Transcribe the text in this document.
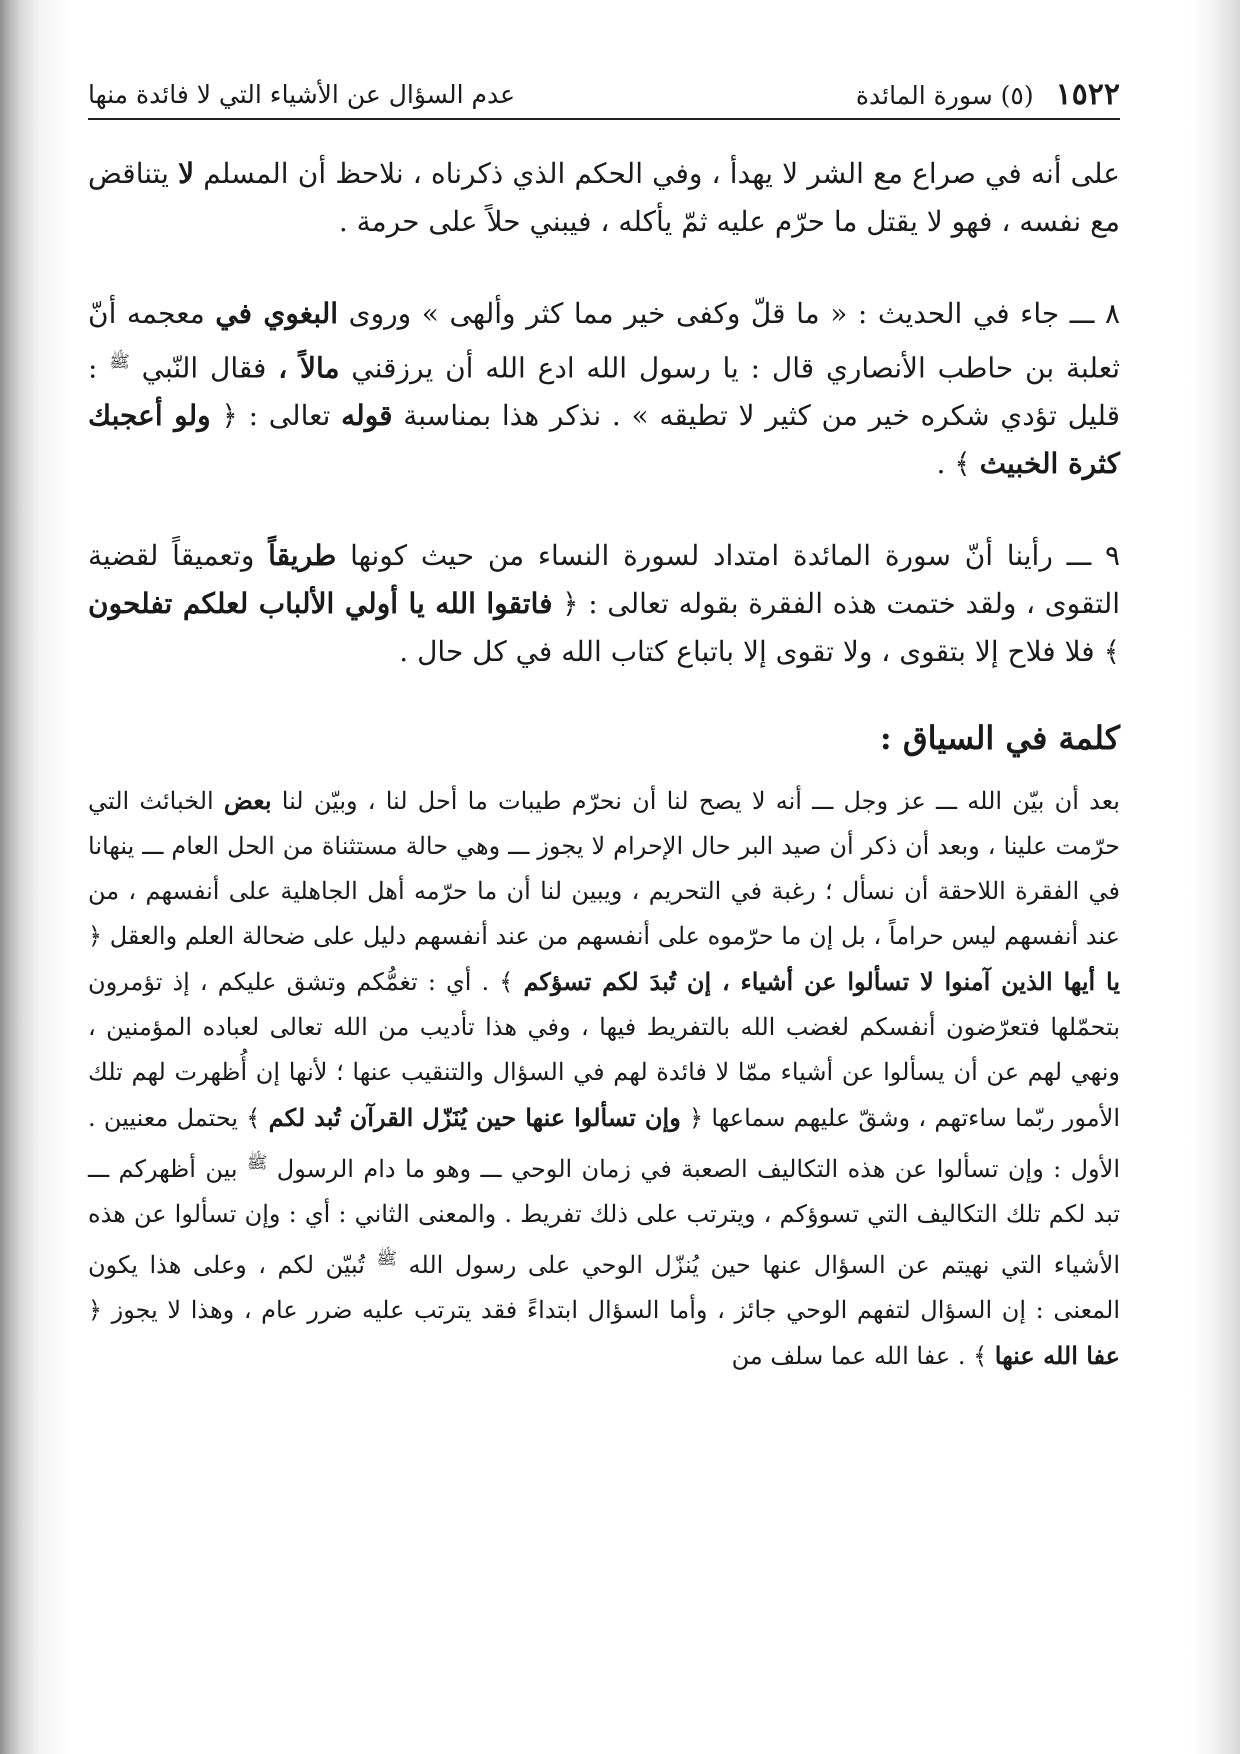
١٥٢٢ (٥) سورة المائدة
عدم السؤال عن الأشياء التي لا فائدة منها

على أنه في صراع مع الشر لا يهدأ ، وفي الحكم الذي ذكرناه ، نلاحظ أن المسلم لا يتناقض مع نفسه ، فهو لا يقتل ما حرّم عليه ثمّ يأكله ، فيبني حلاً على حرمة .

٨ ـــ جاء في الحديث : « ما قلّ وكفى خير مما كثر وألهى » وروى البغوي في معجمه أنّ ثعلبة بن حاطب الأنصاري قال : يا رسول الله ادع الله أن يرزقني مالاً ، فقال النّبي $^ﷺ$ : قليل تؤدي شكره خير من كثير لا تطيقه » . نذكر هذا بمناسبة قوله تعالى : ﴿ ولو أعجبك كثرة الخبيث ﴾ .

٩ ـــ رأينا أنّ سورة المائدة امتداد لسورة النساء من حيث كونها طريقاً وتعميقاً لقضية التقوى ، ولقد ختمت هذه الفقرة بقوله تعالى : ﴿ فاتقوا الله يا أولي الألباب لعلكم تفلحون ﴾ فلا فلاح إلا بتقوى ، ولا تقوى إلا باتباع كتاب الله في كل حال .

كلمة في السياق :

بعد أن بيّن الله ـــ عز وجل ـــ أنه لا يصح لنا أن نحرّم طيبات ما أحل لنا ، وبيّن لنا بعض الخبائث التي حرّمت علينا ، وبعد أن ذكر أن صيد البر حال الإحرام لا يجوز ـــ وهي حالة مستثناة من الحل العام ـــ ينهانا في الفقرة اللاحقة أن نسأل ؛ رغبة في التحريم ، ويبين لنا أن ما حرّمه أهل الجاهلية على أنفسهم ، من عند أنفسهم ليس حراماً ، بل إن ما حرّموه على أنفسهم من عند أنفسهم دليل على ضحالة العلم والعقل ﴿ يا أيها الذين آمنوا لا تسألوا عن أشياء ، إن تُبدَ لكم تسؤكم ﴾ . أي : تغمُّكم وتشق عليكم ، إذ تؤمرون بتحمّلها فتعرّضون أنفسكم لغضب الله بالتفريط فيها ، وفي هذا تأديب من الله تعالى لعباده المؤمنين ، ونهي لهم عن أن يسألوا عن أشياء ممّا لا فائدة لهم في السؤال والتنقيب عنها ؛ لأنها إن أُظهرت لهم تلك الأمور ربّما ساءتهم ، وشقّ عليهم سماعها ﴿ وإن تسألوا عنها حين يُنَزّل القرآن تُبد لكم ﴾ يحتمل معنيين . الأول : وإن تسألوا عن هذه التكاليف الصعبة في زمان الوحي ـــ وهو ما دام الرسول $^ﷺ$ بين أظهركم ـــ تبد لكم تلك التكاليف التي تسوؤكم ، ويترتب على ذلك تفريط . والمعنى الثاني : أي : وإن تسألوا عن هذه الأشياء التي نهيتم عن السؤال عنها حين يُنزّل الوحي على رسول الله $^ﷺ$ تُبيّن لكم ، وعلى هذا يكون المعنى : إن السؤال لتفهم الوحي جائز ، وأما السؤال ابتداءً فقد يترتب عليه ضرر عام ، وهذا لا يجوز ﴿ عفا الله عنها ﴾ . عفا الله عما سلف من
